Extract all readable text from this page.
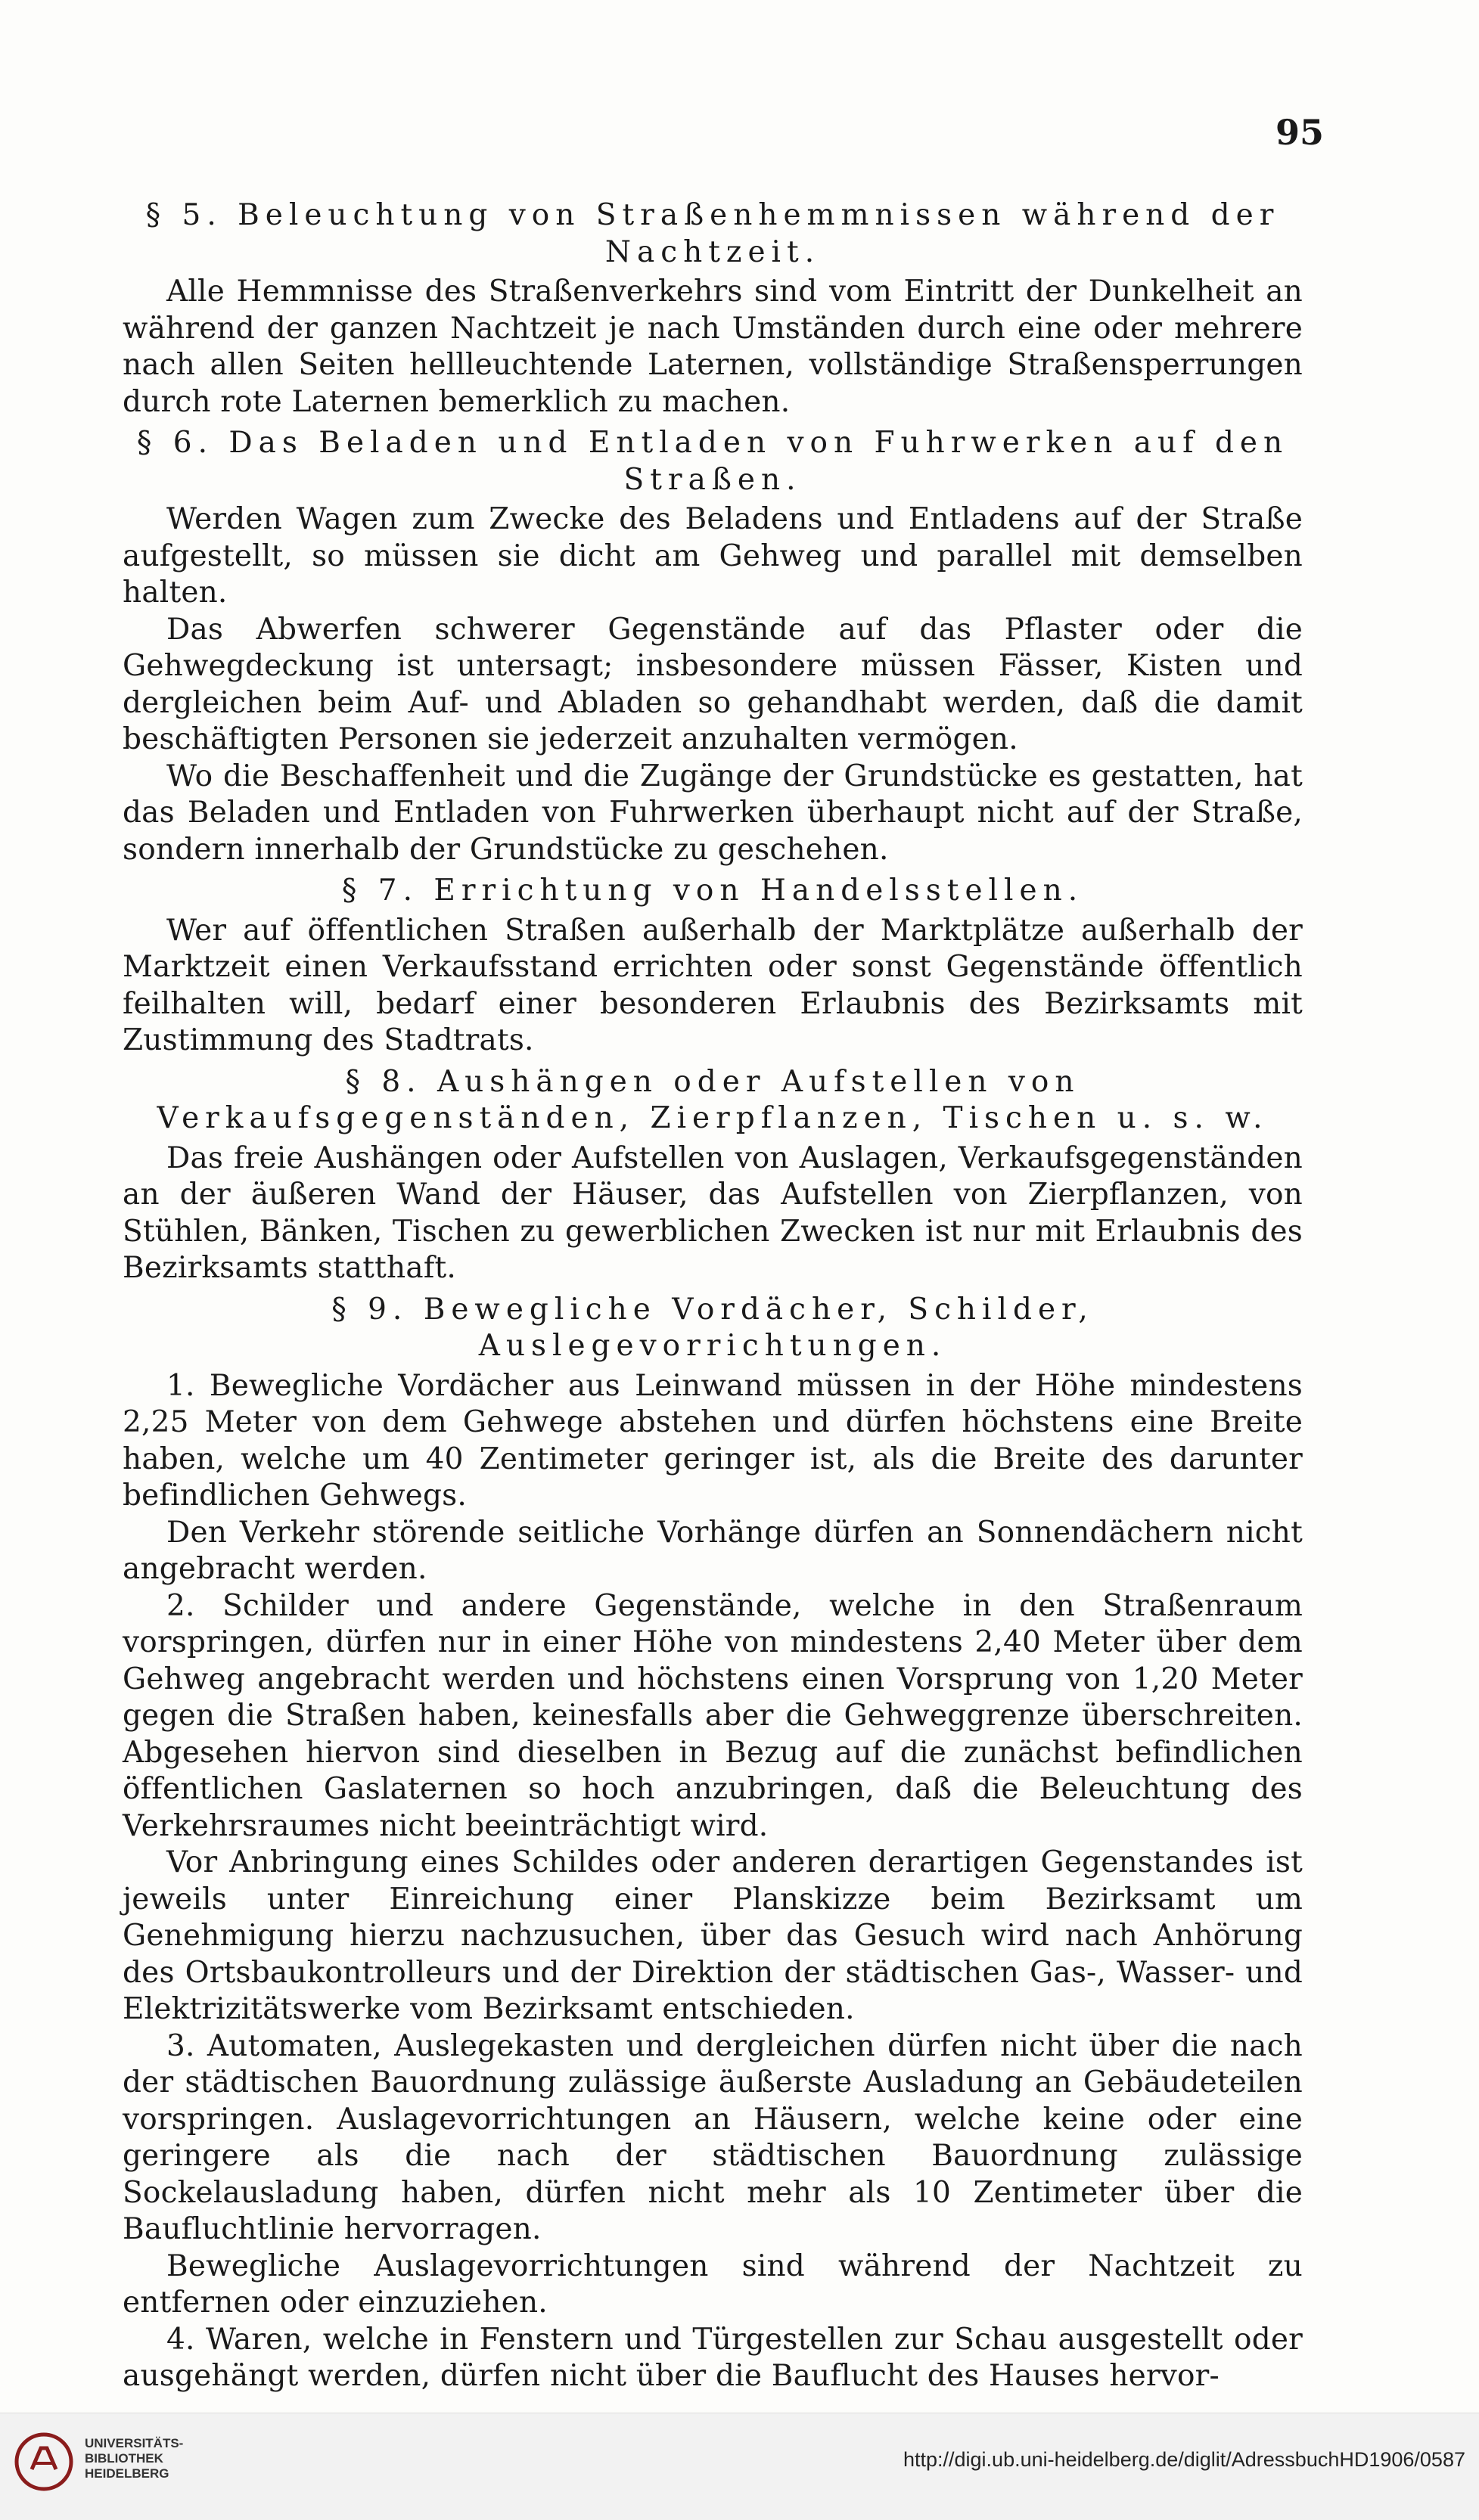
95
§ 5. Beleuchtung von Straßenhemmnissen während der Nachtzeit.

Alle Hemmnisse des Straßenverkehrs sind vom Eintritt der Dunkelheit an während der ganzen Nachtzeit je nach Umständen durch eine oder mehrere nach allen Seiten hellleuchtende Laternen, vollständige Straßensperrungen durch rote Laternen bemerklich zu machen.

§ 6. Das Beladen und Entladen von Fuhrwerken auf den Straßen.

Werden Wagen zum Zwecke des Beladens und Entladens auf der Straße aufgestellt, so müssen sie dicht am Gehweg und parallel mit demselben halten.

Das Abwerfen schwerer Gegenstände auf das Pflaster oder die Gehwegdeckung ist untersagt; insbesondere müssen Fässer, Kisten und dergleichen beim Auf- und Abladen so gehandhabt werden, daß die damit beschäftigten Personen sie jederzeit anzuhalten vermögen.

Wo die Beschaffenheit und die Zugänge der Grundstücke es gestatten, hat das Beladen und Entladen von Fuhrwerken überhaupt nicht auf der Straße, sondern innerhalb der Grundstücke zu geschehen.

§ 7. Errichtung von Handelsstellen.

Wer auf öffentlichen Straßen außerhalb der Marktplätze außerhalb der Marktzeit einen Verkaufsstand errichten oder sonst Gegenstände öffentlich feilhalten will, bedarf einer besonderen Erlaubnis des Bezirksamts mit Zustimmung des Stadtrats.

§ 8. Aushängen oder Aufstellen von Verkaufsgegenständen, Zierpflanzen, Tischen u. s. w.

Das freie Aushängen oder Aufstellen von Auslagen, Verkaufsgegenständen an der äußeren Wand der Häuser, das Aufstellen von Zierpflanzen, von Stühlen, Bänken, Tischen zu gewerblichen Zwecken ist nur mit Erlaubnis des Bezirksamts statthaft.

§ 9. Bewegliche Vordächer, Schilder, Auslegevorrichtungen.

1. Bewegliche Vordächer aus Leinwand müssen in der Höhe mindestens 2,25 Meter von dem Gehwege abstehen und dürfen höchstens eine Breite haben, welche um 40 Zentimeter geringer ist, als die Breite des darunter befindlichen Gehwegs.

Den Verkehr störende seitliche Vorhänge dürfen an Sonnendächern nicht angebracht werden.

2. Schilder und andere Gegenstände, welche in den Straßenraum vorspringen, dürfen nur in einer Höhe von mindestens 2,40 Meter über dem Gehweg angebracht werden und höchstens einen Vorsprung von 1,20 Meter gegen die Straßen haben, keinesfalls aber die Gehweggrenze überschreiten. Abgesehen hiervon sind dieselben in Bezug auf die zunächst befindlichen öffentlichen Gaslaternen so hoch anzubringen, daß die Beleuchtung des Verkehrsraumes nicht beeinträchtigt wird.

Vor Anbringung eines Schildes oder anderen derartigen Gegenstandes ist jeweils unter Einreichung einer Planskizze beim Bezirksamt um Genehmigung hierzu nachzusuchen, über das Gesuch wird nach Anhörung des Ortsbaukontrolleurs und der Direktion der städtischen Gas-, Wasser- und Elektrizitätswerke vom Bezirksamt entschieden.

3. Automaten, Auslegekasten und dergleichen dürfen nicht über die nach der städtischen Bauordnung zulässige äußerste Ausladung an Gebäudeteilen vorspringen. Auslagevorrichtungen an Häusern, welche keine oder eine geringere als die nach der städtischen Bauordnung zulässige Sockelausladung haben, dürfen nicht mehr als 10 Zentimeter über die Baufluchtlinie hervorragen.

Bewegliche Auslagevorrichtungen sind während der Nachtzeit zu entfernen oder einzuziehen.

4. Waren, welche in Fenstern und Türgestellen zur Schau ausgestellt oder ausgehängt werden, dürfen nicht über die Bauflucht des Hauses hervor-

UNIVERSITÄTS-
BIBLIOTHEK
HEIDELBERG
http://digi.ub.uni-heidelberg.de/diglit/AdressbuchHD1906/0587
